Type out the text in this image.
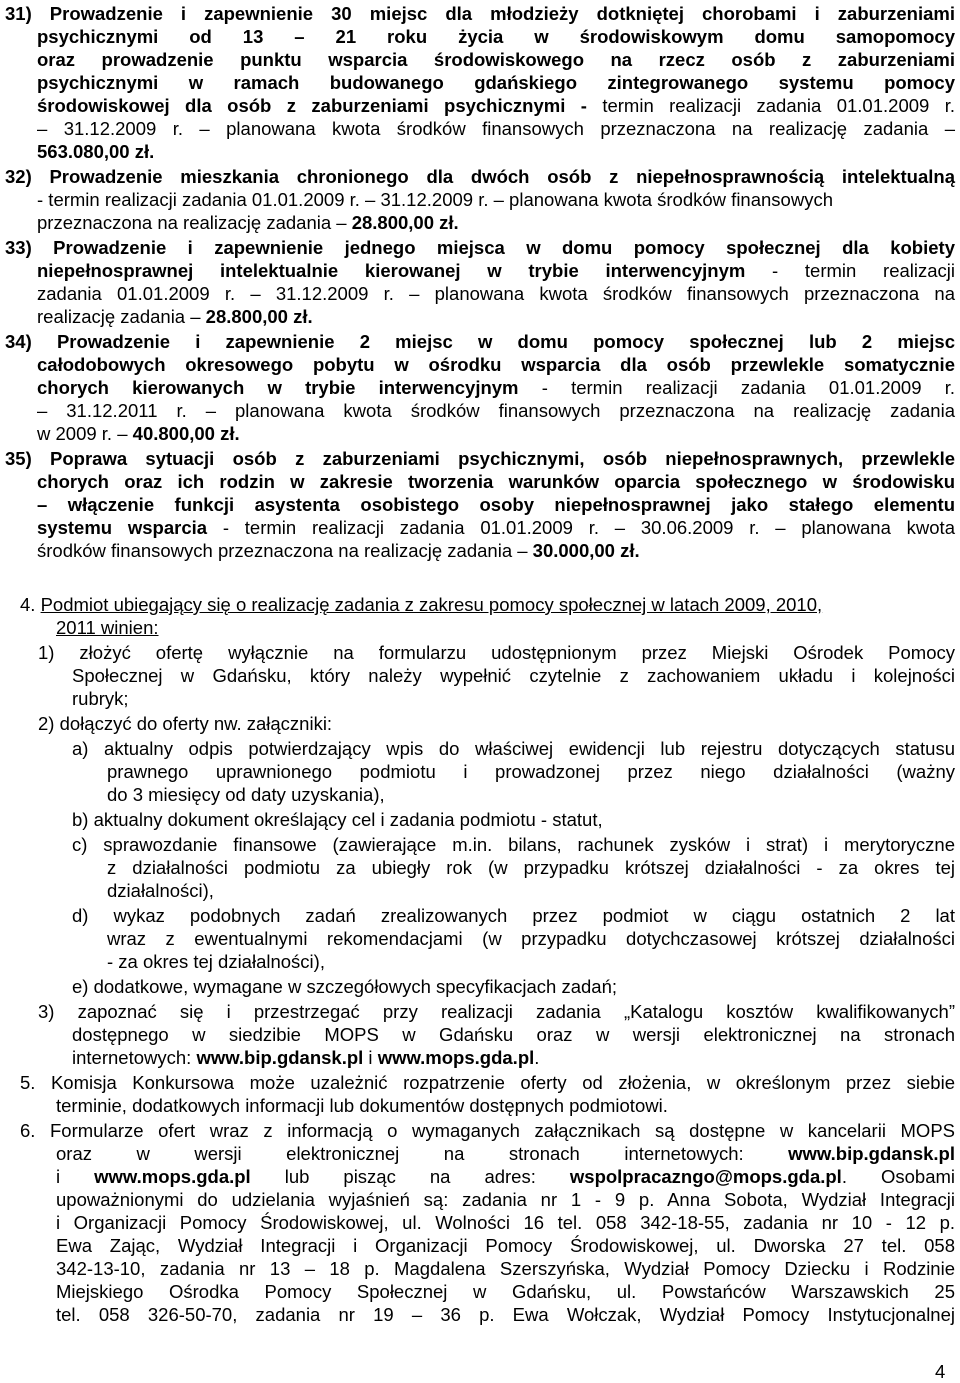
31) Prowadzenie i zapewnienie 30 miejsc dla młodzieży dotkniętej chorobami i zaburzeniami
psychicznymi od 13 – 21 roku życia w środowiskowym domu samopomocy
oraz prowadzenie punktu wsparcia środowiskowego na rzecz osób z zaburzeniami
psychicznymi w ramach budowanego gdańskiego zintegrowanego systemu pomocy
środowiskowej dla osób z zaburzeniami psychicznymi - termin realizacji zadania 01.01.2009 r.
– 31.12.2009 r. – planowana kwota środków finansowych przeznaczona na realizację zadania –
563.080,00 zł.
32) Prowadzenie mieszkania chronionego dla dwóch osób z niepełnosprawnością intelektualną
- termin realizacji zadania 01.01.2009 r. – 31.12.2009 r. – planowana kwota środków finansowych
przeznaczona na realizację zadania – 28.800,00 zł.
33) Prowadzenie i zapewnienie jednego miejsca w domu pomocy społecznej dla kobiety
niepełnosprawnej intelektualnie kierowanej w trybie interwencyjnym - termin realizacji
zadania 01.01.2009 r. – 31.12.2009 r. – planowana kwota środków finansowych przeznaczona na
realizację zadania – 28.800,00 zł.
34) Prowadzenie i zapewnienie 2 miejsc w domu pomocy społecznej lub 2 miejsc
całodobowych okresowego pobytu w ośrodku wsparcia dla osób przewlekle somatycznie
chorych kierowanych w trybie interwencyjnym - termin realizacji zadania 01.01.2009 r.
– 31.12.2011 r. – planowana kwota środków finansowych przeznaczona na realizację zadania
w 2009 r. – 40.800,00 zł.
35) Poprawa sytuacji osób z zaburzeniami psychicznymi, osób niepełnosprawnych, przewlekle
chorych oraz ich rodzin w zakresie tworzenia warunków oparcia społecznego w środowisku
– włączenie funkcji asystenta osobistego osoby niepełnosprawnej jako stałego elementu
systemu wsparcia - termin realizacji zadania 01.01.2009 r. – 30.06.2009 r. – planowana kwota
środków finansowych przeznaczona na realizację zadania – 30.000,00 zł.
4. Podmiot ubiegający się o realizację zadania z zakresu pomocy społecznej w latach 2009, 2010,
2011 winien:
1) złożyć ofertę wyłącznie na formularzu udostępnionym przez Miejski Ośrodek Pomocy
Społecznej w Gdańsku, który należy wypełnić czytelnie z zachowaniem układu i kolejności
rubryk;
2) dołączyć do oferty nw. załączniki:
a) aktualny odpis potwierdzający wpis do właściwej ewidencji lub rejestru dotyczących statusu
prawnego uprawnionego podmiotu i prowadzonej przez niego działalności (ważny
do 3 miesięcy od daty uzyskania),
b) aktualny dokument określający cel i zadania podmiotu - statut,
c) sprawozdanie finansowe (zawierające m.in. bilans, rachunek zysków i strat) i merytoryczne
z działalności podmiotu za ubiegły rok (w przypadku krótszej działalności - za okres tej
działalności),
d) wykaz podobnych zadań zrealizowanych przez podmiot w ciągu ostatnich 2 lat
wraz z ewentualnymi rekomendacjami (w przypadku dotychczasowej krótszej działalności
- za okres tej działalności),
e) dodatkowe, wymagane w szczegółowych specyfikacjach zadań;
3) zapoznać się i przestrzegać przy realizacji zadania „Katalogu kosztów kwalifikowanych”
dostępnego w siedzibie MOPS w Gdańsku oraz w wersji elektronicznej na stronach
internetowych: www.bip.gdansk.pl i www.mops.gda.pl.
5. Komisja Konkursowa może uzależnić rozpatrzenie oferty od złożenia, w określonym przez siebie
terminie, dodatkowych informacji lub dokumentów dostępnych podmiotowi.
6. Formularze ofert wraz z informacją o wymaganych załącznikach są dostępne w kancelarii MOPS
oraz w wersji elektronicznej na stronach internetowych: www.bip.gdansk.pl
i www.mops.gda.pl lub pisząc na adres: wspolpracazngo@mops.gda.pl. Osobami
upoważnionymi do udzielania wyjaśnień są: zadania nr 1 - 9 p. Anna Sobota, Wydział Integracji
i Organizacji Pomocy Środowiskowej, ul. Wolności 16 tel. 058 342-18-55, zadania nr 10 - 12 p.
Ewa Zając, Wydział Integracji i Organizacji Pomocy Środowiskowej, ul. Dworska 27 tel. 058
342-13-10, zadania nr 13 – 18 p. Magdalena Szerszyńska, Wydział Pomocy Dziecku i Rodzinie
Miejskiego Ośrodka Pomocy Społecznej w Gdańsku, ul. Powstańców Warszawskich 25
tel. 058 326-50-70, zadania nr 19 – 36 p. Ewa Wołczak, Wydział Pomocy Instytucjonalnej
4
